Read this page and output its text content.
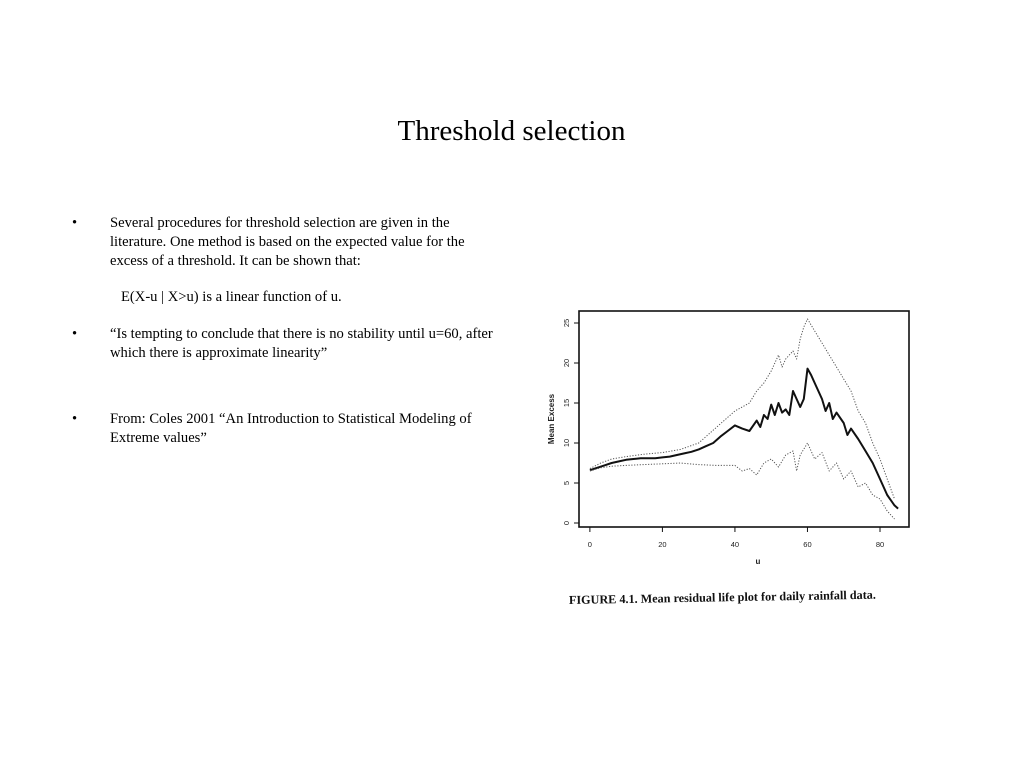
Threshold selection
• Several procedures for threshold selection are given in the literature. One method is based on the expected value for the excess of a threshold. It can be shown that:
E(X-u | X>u) is a linear function of u.
• “Is tempting to conclude that there is no stability until u=60, after which there is approximate linearity”
• From: Coles 2001 “An Introduction to Statistical Modeling of Extreme values”
0
5
10
15
20
25
0	20	40	60	80
Mean Excess
u
FIGURE 4.1. Mean residual life plot for daily rainfall data.
